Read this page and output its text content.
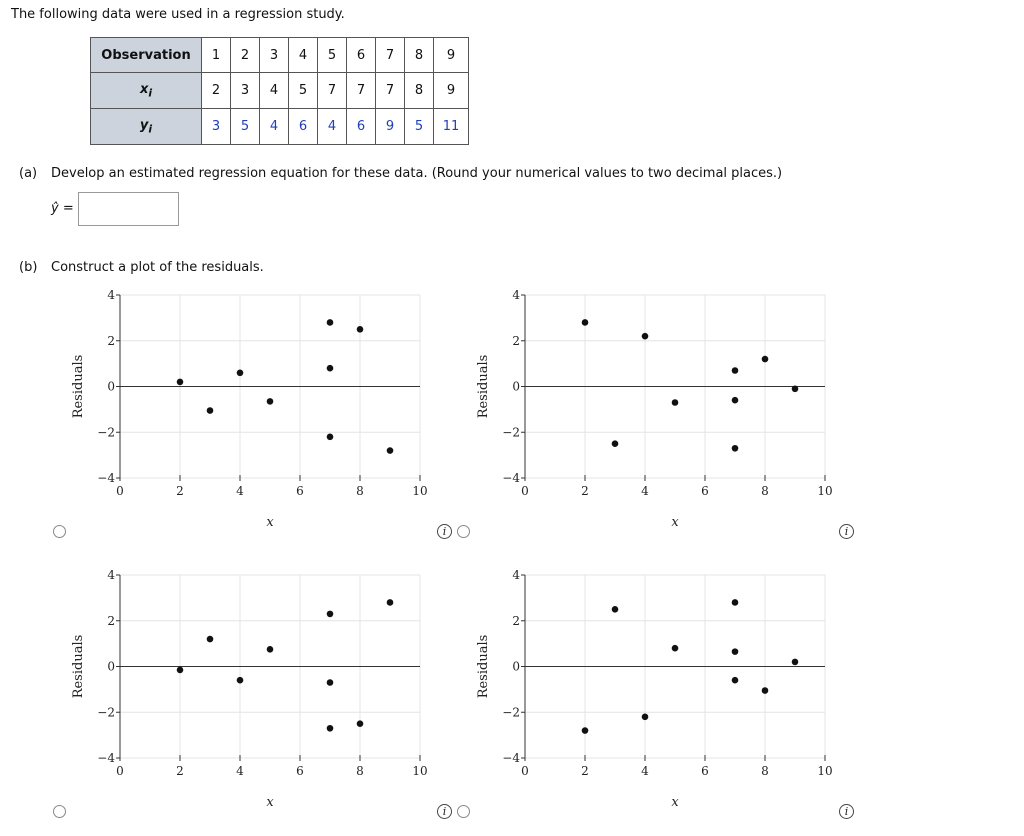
The following data were used in a regression study.
Observation	1	2	3	4	5	6	7	8	9
$x_i$	2	3	4	5	7	7	7	8	9
$y_i$	3	5	4	6	4	6	9	5	11
(a) Develop an estimated regression equation for these data. (Round your numerical values to two decimal places.)
ŷ =
(b) Construct a plot of the residuals.
4
2
0
−2
−4
0	2	4	6	8	10
x
Residuals
4
2
0
−2
−4
0	2	4	6	8	10
x
Residuals
4
2
0
−2
−4
0	2	4	6	8	10
x
Residuals
4
2
0
−2
−4
0	2	4	6	8	10
x
Residuals
i	i
i	i
